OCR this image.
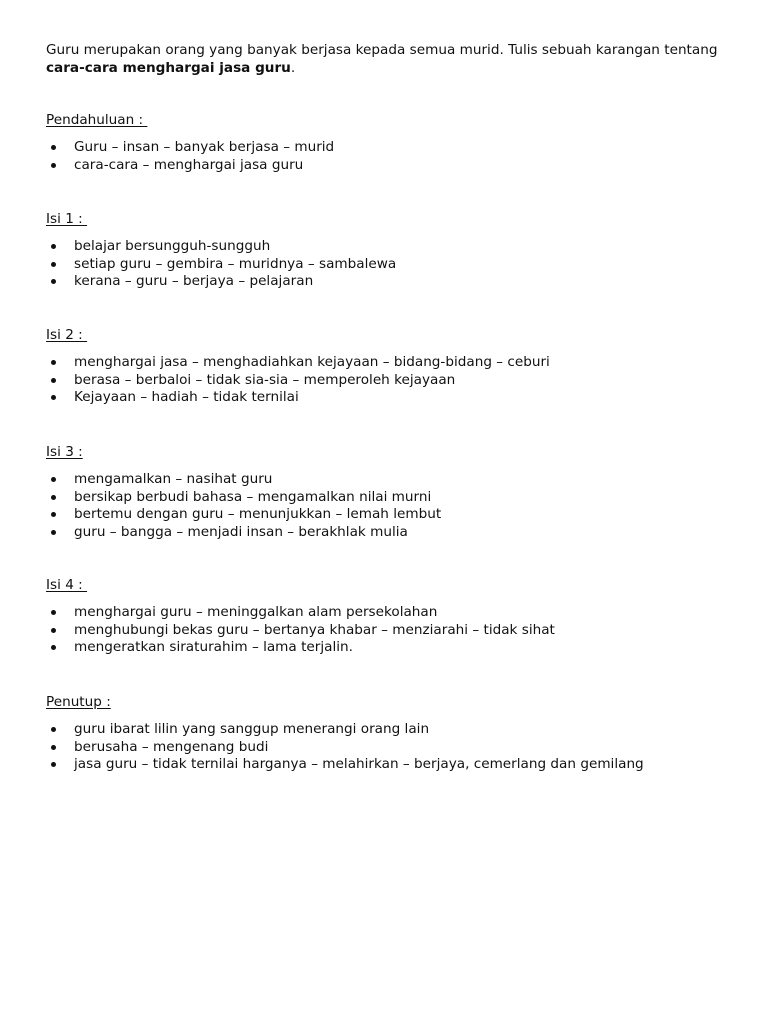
Guru merupakan orang yang banyak berjasa kepada semua murid. Tulis sebuah karangan tentang cara-cara menghargai jasa guru.

Pendahuluan :
Guru – insan – banyak berjasa – murid
cara-cara – menghargai jasa guru
Isi 1 :
belajar bersungguh-sungguh
setiap guru – gembira – muridnya – sambalewa
kerana – guru – berjaya – pelajaran
Isi 2 :
menghargai jasa – menghadiahkan kejayaan – bidang-bidang – ceburi
berasa – berbaloi – tidak sia-sia – memperoleh kejayaan
Kejayaan – hadiah – tidak ternilai
Isi 3 :
mengamalkan – nasihat guru
bersikap berbudi bahasa – mengamalkan nilai murni
bertemu dengan guru – menunjukkan – lemah lembut
guru – bangga – menjadi insan – berakhlak mulia
Isi 4 :
menghargai guru – meninggalkan alam persekolahan
menghubungi bekas guru – bertanya khabar – menziarahi – tidak sihat
mengeratkan siraturahim – lama terjalin.
Penutup :
guru ibarat lilin yang sanggup menerangi orang lain
berusaha – mengenang budi
jasa guru – tidak ternilai harganya – melahirkan – berjaya, cemerlang dan gemilang
